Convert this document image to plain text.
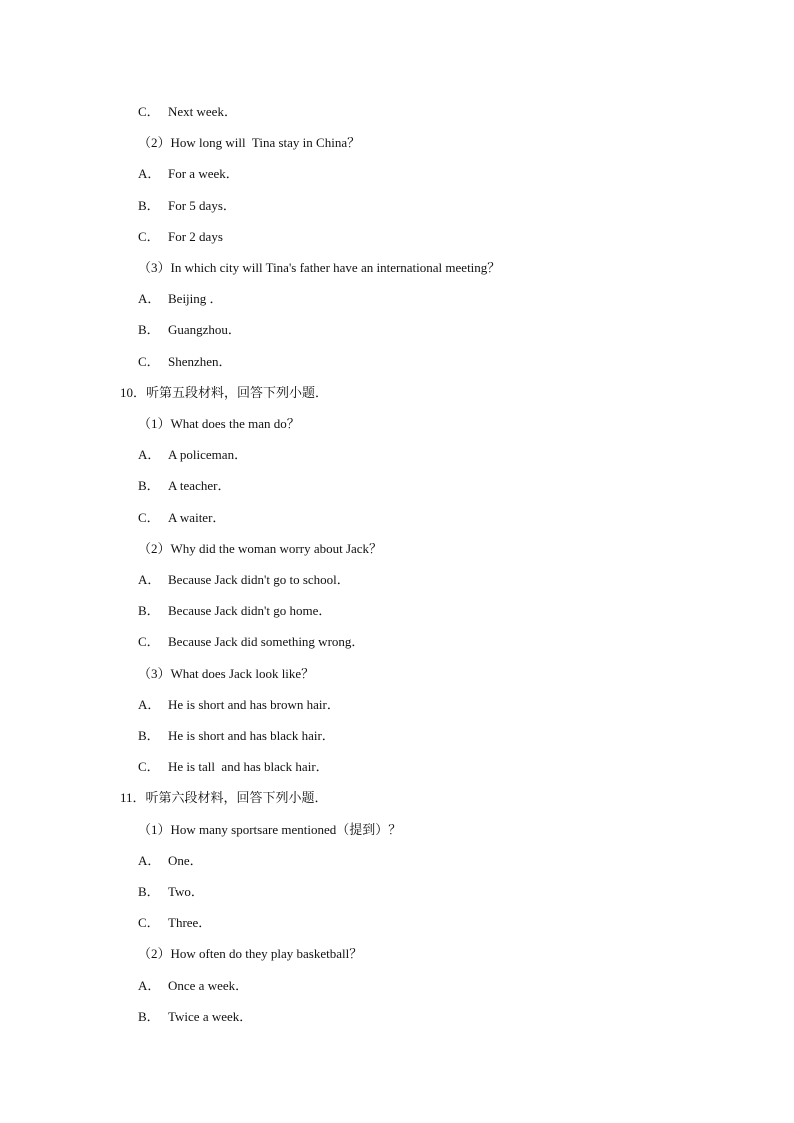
C． Next week．
（2）How long will  Tina stay in China？
A． For a week．
B． For 5 days．
C． For 2 days
（3）In which city will Tina's father have an international meeting？
A． Beijing ．
B． Guangzhou．
C． Shenzhen．
10．听第五段材料，回答下列小题．
（1）What does the man do？
A． A policeman．
B． A teacher．
C． A waiter．
（2）Why did the woman worry about Jack？
A． Because Jack didn't go to school．
B． Because Jack didn't go home．
C． Because Jack did something wrong．
（3）What does Jack look like？
A． He is short and has brown hair．
B． He is short and has black hair．
C． He is tall  and has black hair．
11．听第六段材料，回答下列小题．
（1）How many sportsare mentioned（提到）？
A． One．
B． Two．
C． Three．
（2）How often do they play basketball？
A． Once a week．
B． Twice a week．
